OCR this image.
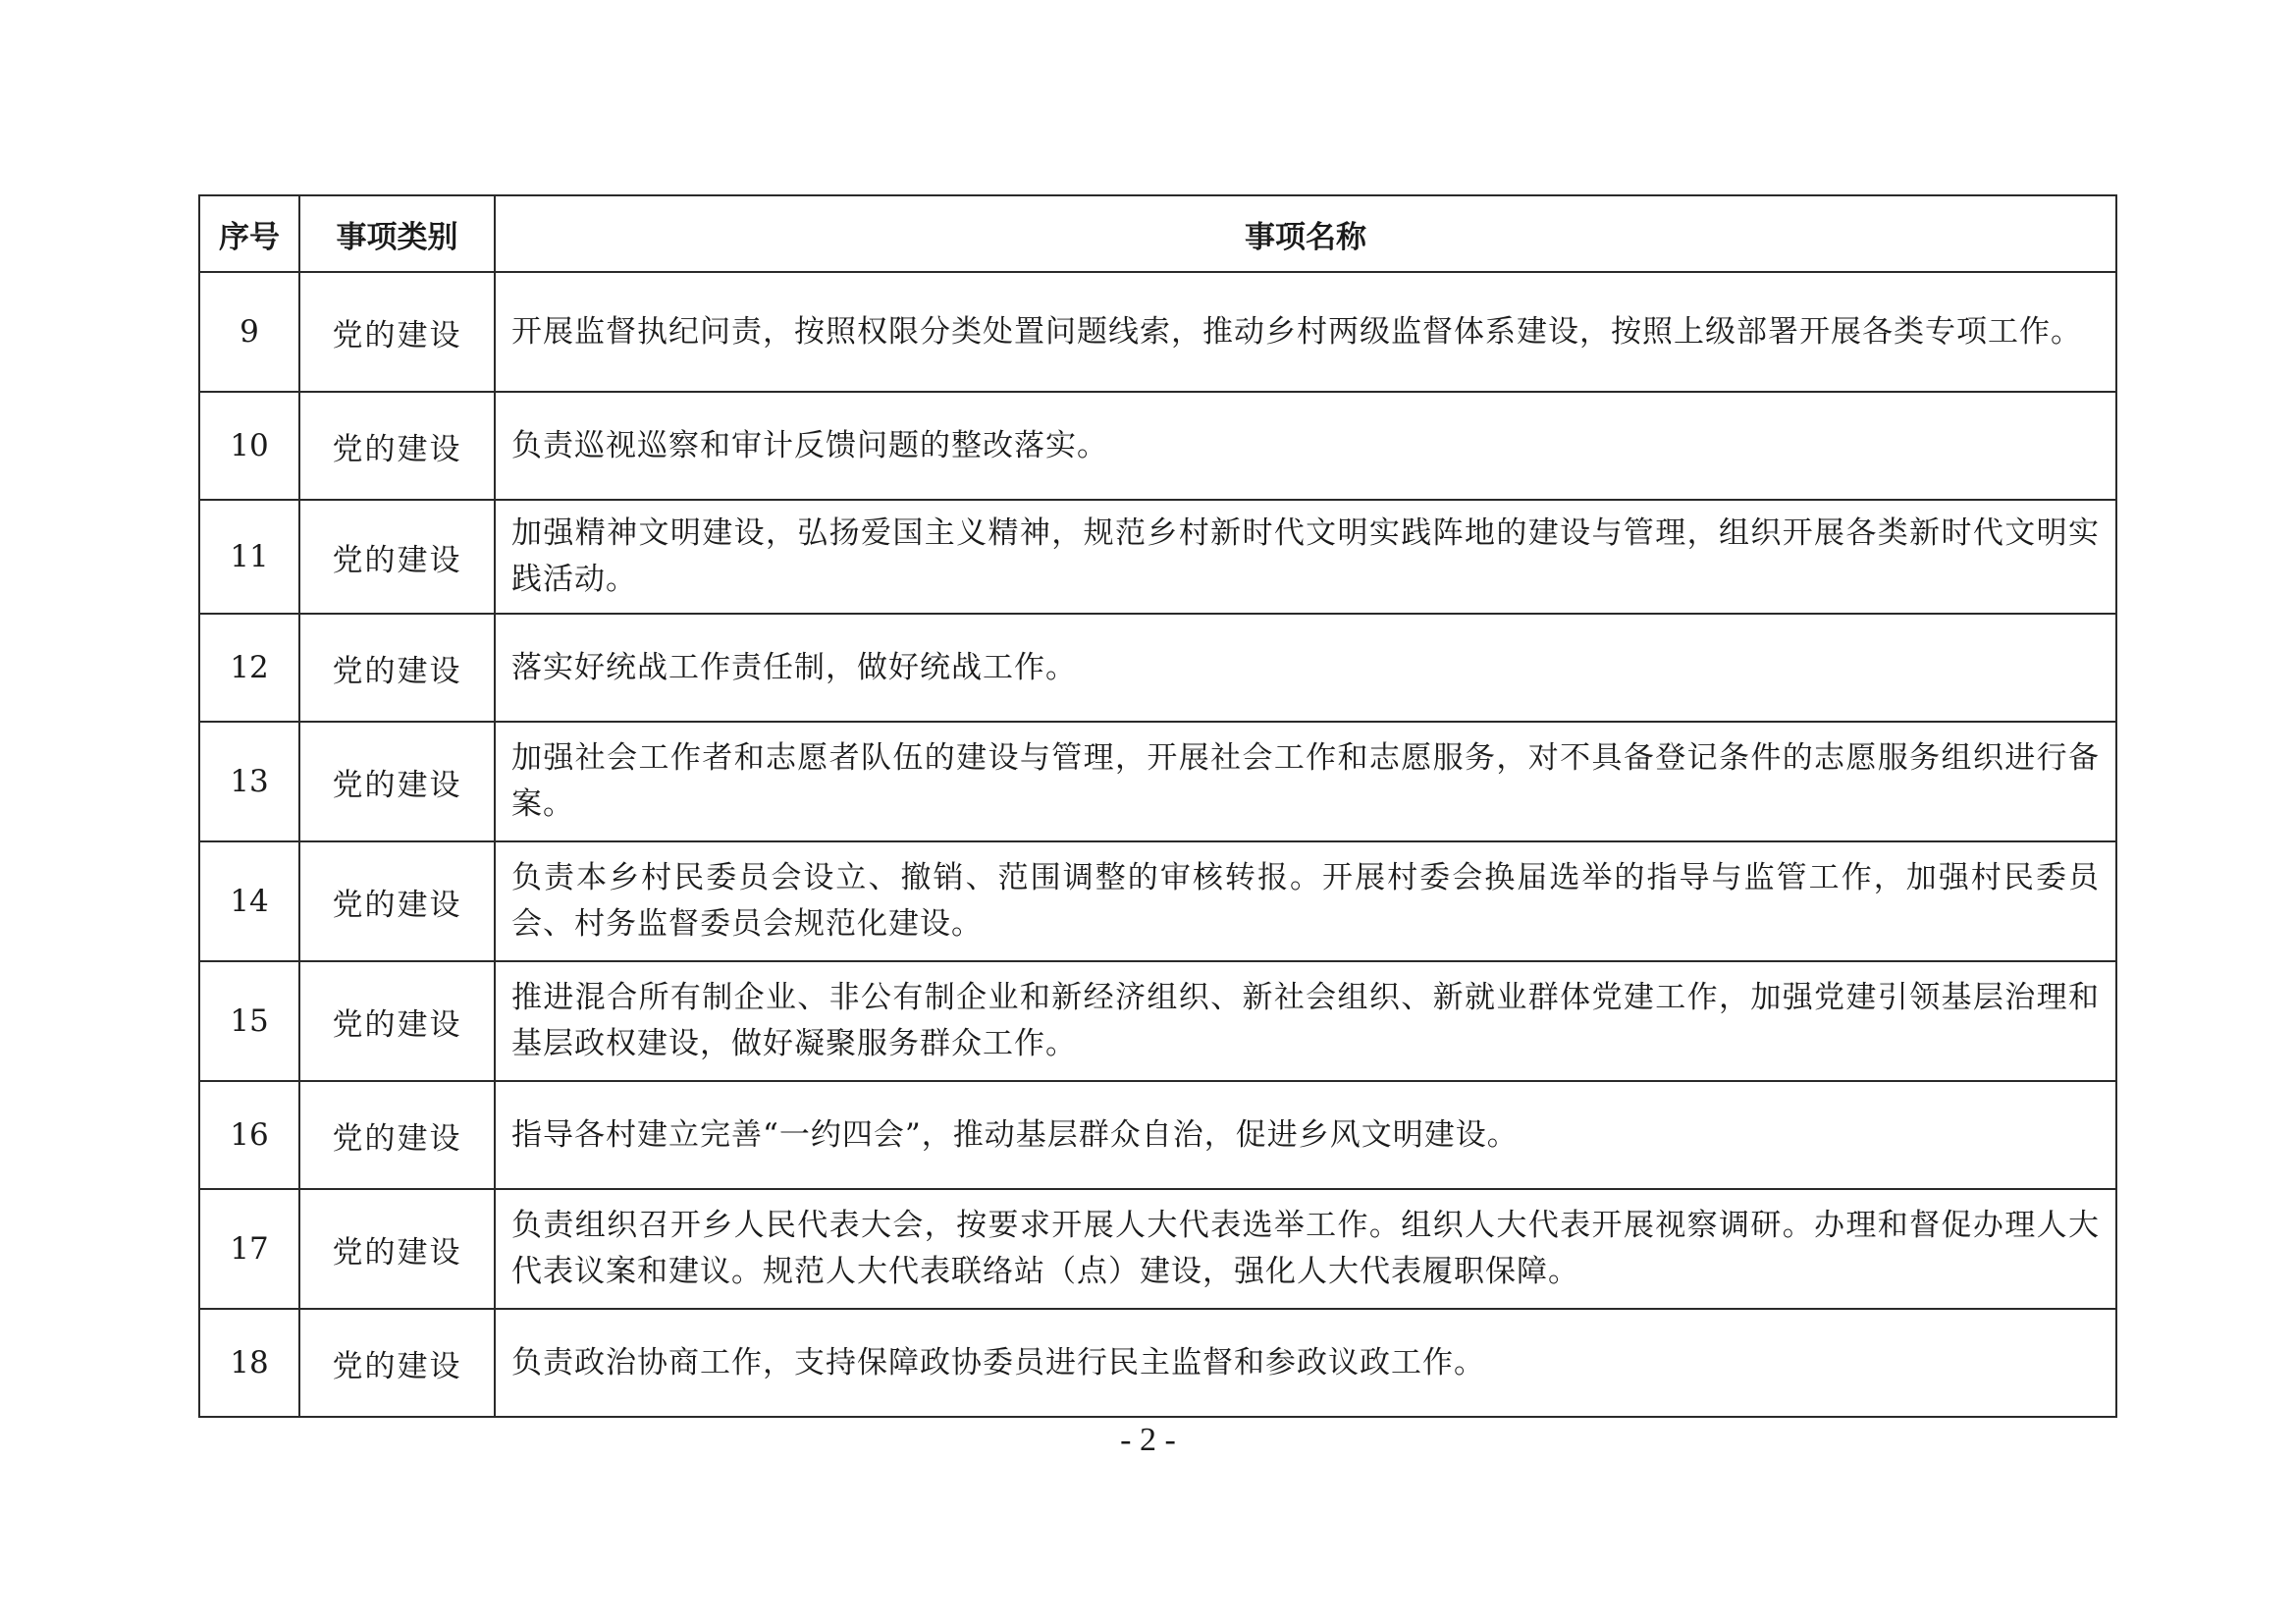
序号	事项类别	事项名称
9	党的建设	开展监督执纪问责，按照权限分类处置问题线索，推动乡村两级监督体系建设，按照上级部署开展各类专项工作。
10	党的建设	负责巡视巡察和审计反馈问题的整改落实。
11	党的建设	加强精神文明建设，弘扬爱国主义精神，规范乡村新时代文明实践阵地的建设与管理，组织开展各类新时代文明实践活动。
12	党的建设	落实好统战工作责任制，做好统战工作。
13	党的建设	加强社会工作者和志愿者队伍的建设与管理，开展社会工作和志愿服务，对不具备登记条件的志愿服务组织进行备案。
14	党的建设	负责本乡村民委员会设立、撤销、范围调整的审核转报。开展村委会换届选举的指导与监管工作，加强村民委员会、村务监督委员会规范化建设。
15	党的建设	推进混合所有制企业、非公有制企业和新经济组织、新社会组织、新就业群体党建工作，加强党建引领基层治理和基层政权建设，做好凝聚服务群众工作。
16	党的建设	指导各村建立完善“一约四会”，推动基层群众自治，促进乡风文明建设。
17	党的建设	负责组织召开乡人民代表大会，按要求开展人大代表选举工作。组织人大代表开展视察调研。办理和督促办理人大代表议案和建议。规范人大代表联络站（点）建设，强化人大代表履职保障。
18	党的建设	负责政治协商工作，支持保障政协委员进行民主监督和参政议政工作。
- 2 -
